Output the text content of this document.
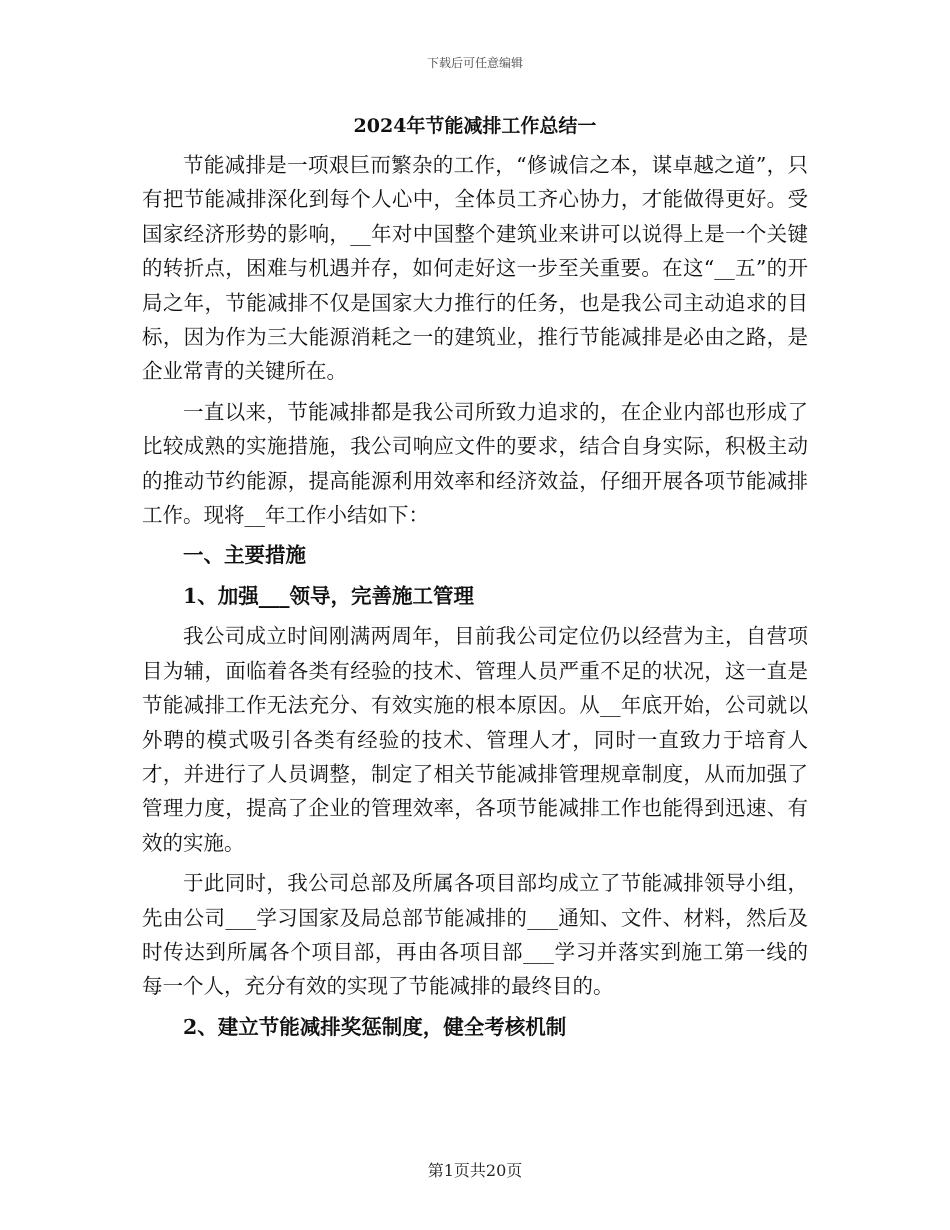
下载后可任意编辑
2024年节能减排工作总结一

节能减排是一项艰巨而繁杂的工作，“修诚信之本，谋卓越之道”，只有把节能减排深化到每个人心中，全体员工齐心协力，才能做得更好。受国家经济形势的影响，__年对中国整个建筑业来讲可以说得上是一个关键的转折点，困难与机遇并存，如何走好这一步至关重要。在这“__五”的开局之年，节能减排不仅是国家大力推行的任务，也是我公司主动追求的目标，因为作为三大能源消耗之一的建筑业，推行节能减排是必由之路，是企业常青的关键所在。

一直以来，节能减排都是我公司所致力追求的，在企业内部也形成了比较成熟的实施措施，我公司响应文件的要求，结合自身实际，积极主动的推动节约能源，提高能源利用效率和经济效益，仔细开展各项节能减排工作。现将__年工作小结如下：

一、主要措施
1、加强___领导，完善施工管理

我公司成立时间刚满两周年，目前我公司定位仍以经营为主，自营项目为辅，面临着各类有经验的技术、管理人员严重不足的状况，这一直是节能减排工作无法充分、有效实施的根本原因。从__年底开始，公司就以外聘的模式吸引各类有经验的技术、管理人才，同时一直致力于培育人才，并进行了人员调整，制定了相关节能减排管理规章制度，从而加强了管理力度，提高了企业的管理效率，各项节能减排工作也能得到迅速、有效的实施。

于此同时，我公司总部及所属各项目部均成立了节能减排领导小组，先由公司___学习国家及局总部节能减排的___通知、文件、材料，然后及时传达到所属各个项目部，再由各项目部___学习并落实到施工第一线的每一个人，充分有效的实现了节能减排的最终目的。

2、建立节能减排奖惩制度，健全考核机制
第1页共20页
